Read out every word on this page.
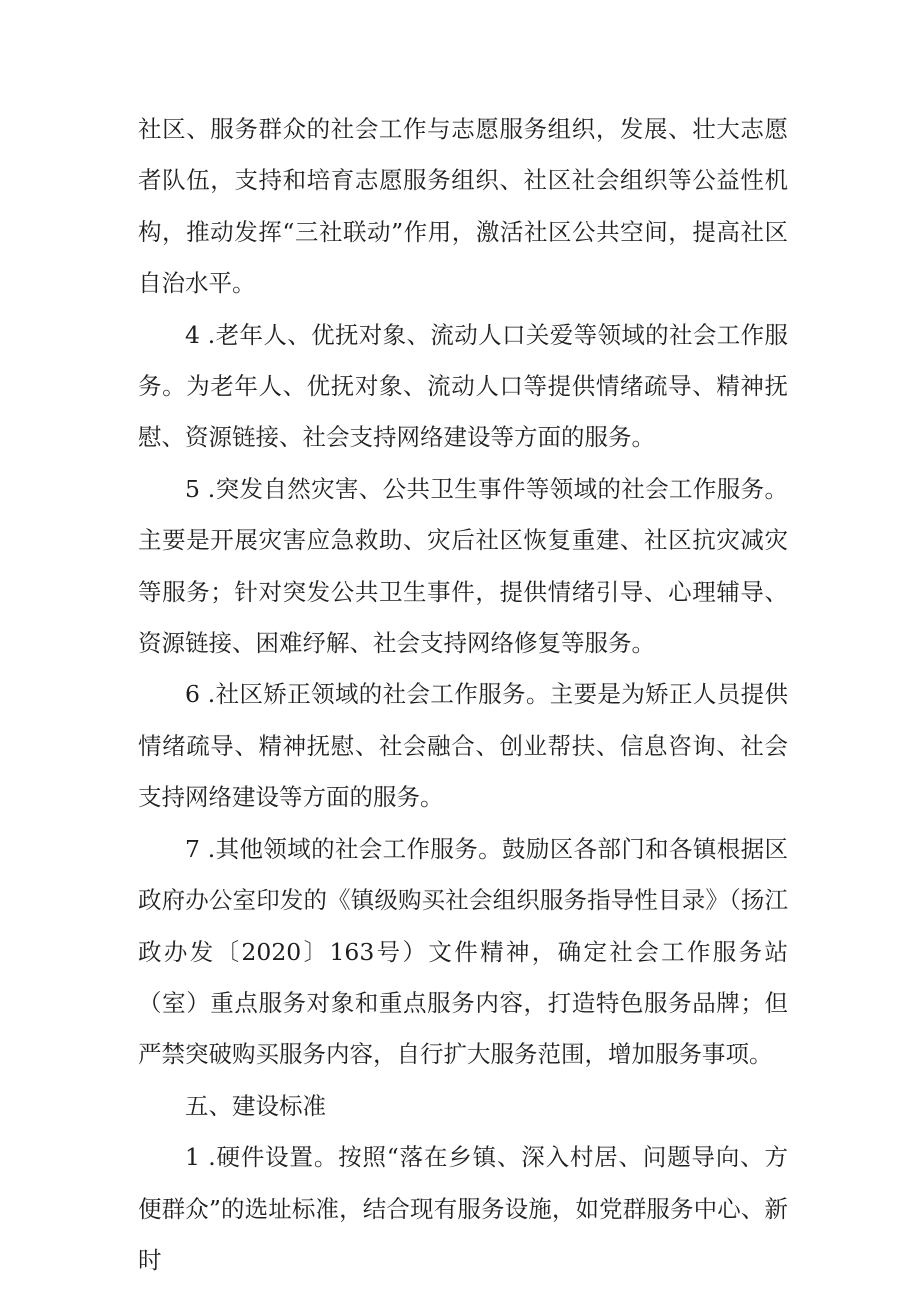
社区、服务群众的社会工作与志愿服务组织，发展、壮大志愿者队伍，支持和培育志愿服务组织、社区社会组织等公益性机构，推动发挥“三社联动”作用，激活社区公共空间，提高社区自治水平。

4 .老年人、优抚对象、流动人口关爱等领域的社会工作服务。为老年人、优抚对象、流动人口等提供情绪疏导、精神抚慰、资源链接、社会支持网络建设等方面的服务。

5 .突发自然灾害、公共卫生事件等领域的社会工作服务。主要是开展灾害应急救助、灾后社区恢复重建、社区抗灾减灾等服务；针对突发公共卫生事件，提供情绪引导、心理辅导、资源链接、困难纾解、社会支持网络修复等服务。

6 .社区矫正领域的社会工作服务。主要是为矫正人员提供情绪疏导、精神抚慰、社会融合、创业帮扶、信息咨询、社会支持网络建设等方面的服务。

7 .其他领域的社会工作服务。鼓励区各部门和各镇根据区政府办公室印发的《镇级购买社会组织服务指导性目录》（扬江政办发〔2020〕163号）文件精神，确定社会工作服务站（室）重点服务对象和重点服务内容，打造特色服务品牌；但严禁突破购买服务内容，自行扩大服务范围，增加服务事项。

五、建设标准

1 .硬件设置。按照“落在乡镇、深入村居、问题导向、方便群众”的选址标准，结合现有服务设施，如党群服务中心、新时
